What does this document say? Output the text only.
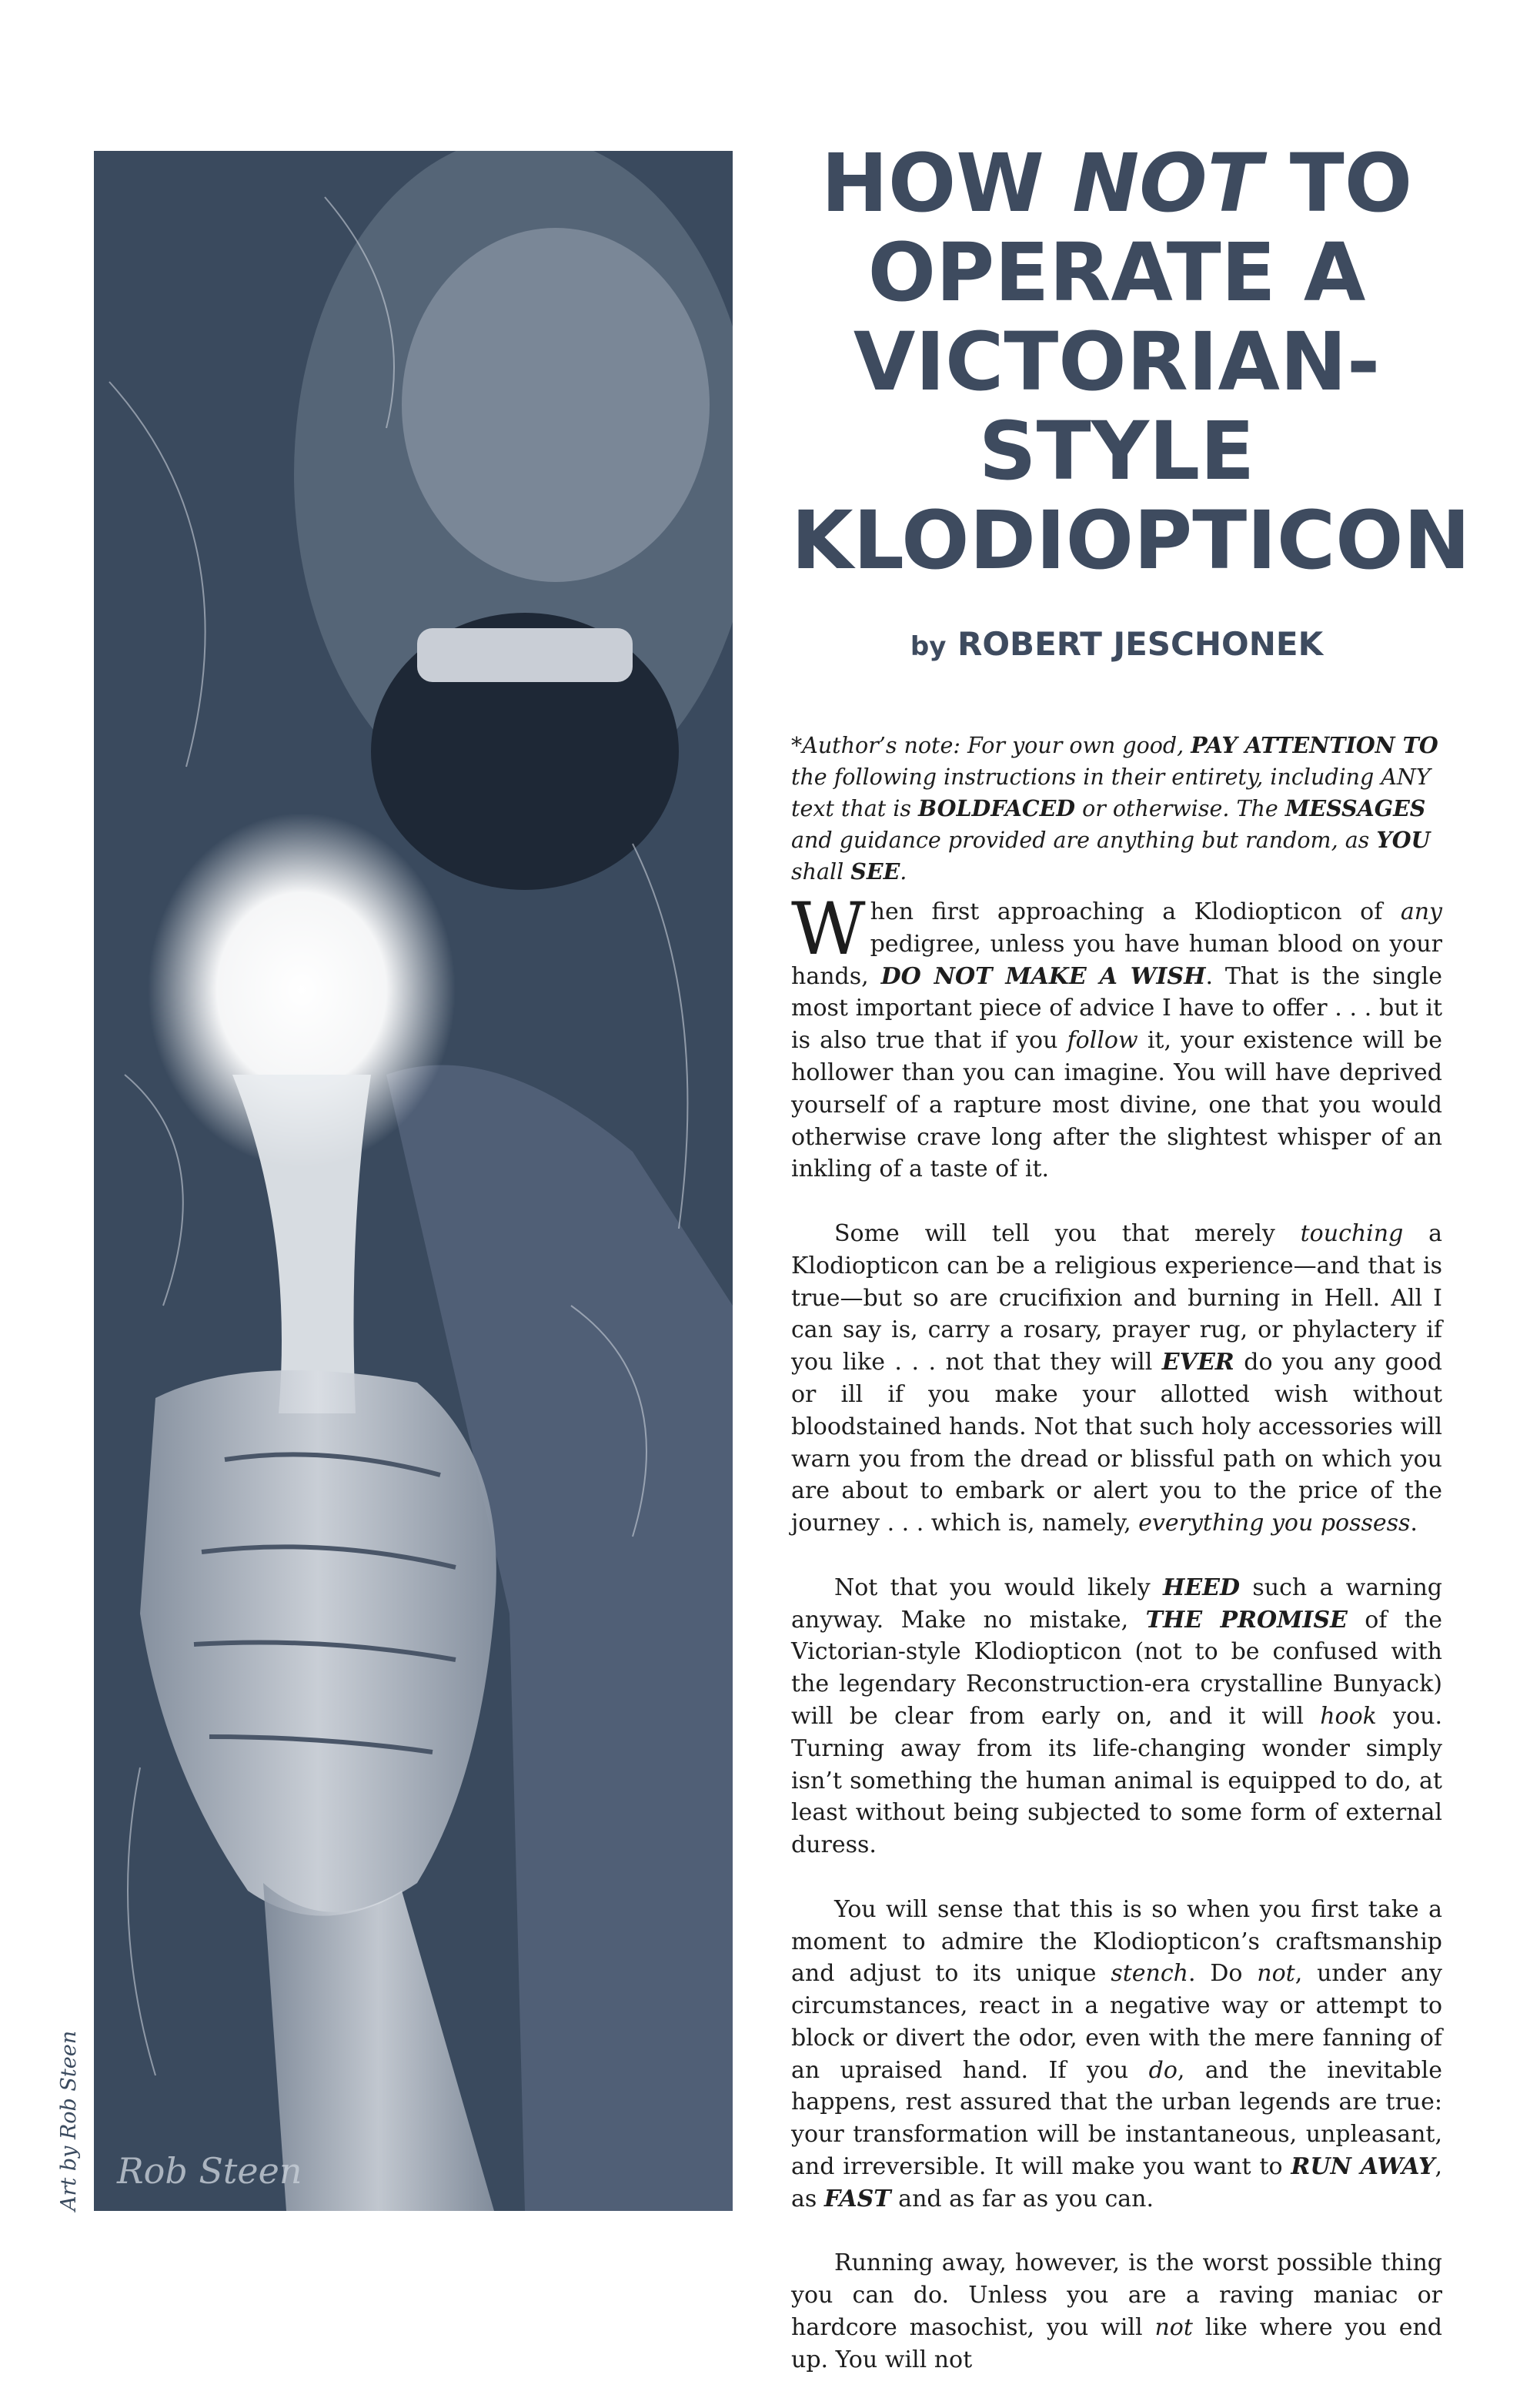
Rob Steen
Art by Rob Steen
HOW NOT TO
OPERATE A
VICTORIAN-
STYLE
KLODIOPTICON
by ROBERT JESCHONEK
*Author’s note: For your own good, PAY ATTENTION TO the following instructions in their entirety, including ANY text that is BOLDFACED or otherwise. The MESSAGES and guidance provided are anything but random, as YOU shall SEE.

When first approaching a Klodiopticon of any pedigree, unless you have human blood on your hands, DO NOT MAKE A WISH. That is the single most important piece of advice I have to offer . . . but it is also true that if you follow it, your existence will be hollower than you can imagine. You will have deprived yourself of a rapture most divine, one that you would otherwise crave long after the slightest whisper of an inkling of a taste of it.

Some will tell you that merely touching a Klodiopticon can be a religious experience—and that is true—but so are crucifixion and burning in Hell. All I can say is, carry a rosary, prayer rug, or phylactery if you like . . . not that they will EVER do you any good or ill if you make your allotted wish without bloodstained hands. Not that such holy accessories will warn you from the dread or blissful path on which you are about to embark or alert you to the price of the journey . . . which is, namely, everything you possess.

Not that you would likely HEED such a warning anyway. Make no mistake, THE PROMISE of the Victorian-style Klodiopticon (not to be confused with the legendary Reconstruction-era crystalline Bunyack) will be clear from early on, and it will hook you. Turning away from its life-changing wonder simply isn’t something the human animal is equipped to do, at least without being subjected to some form of external duress.

You will sense that this is so when you first take a moment to admire the Klodiopticon’s craftsmanship and adjust to its unique stench. Do not, under any circumstances, react in a negative way or attempt to block or divert the odor, even with the mere fanning of an upraised hand. If you do, and the inevitable happens, rest assured that the urban legends are true: your transformation will be instantaneous, unpleasant, and irreversible. It will make you want to RUN AWAY, as FAST and as far as you can.

Running away, however, is the worst possible thing you can do. Unless you are a raving maniac or hardcore masochist, you will not like where you end up. You will not
